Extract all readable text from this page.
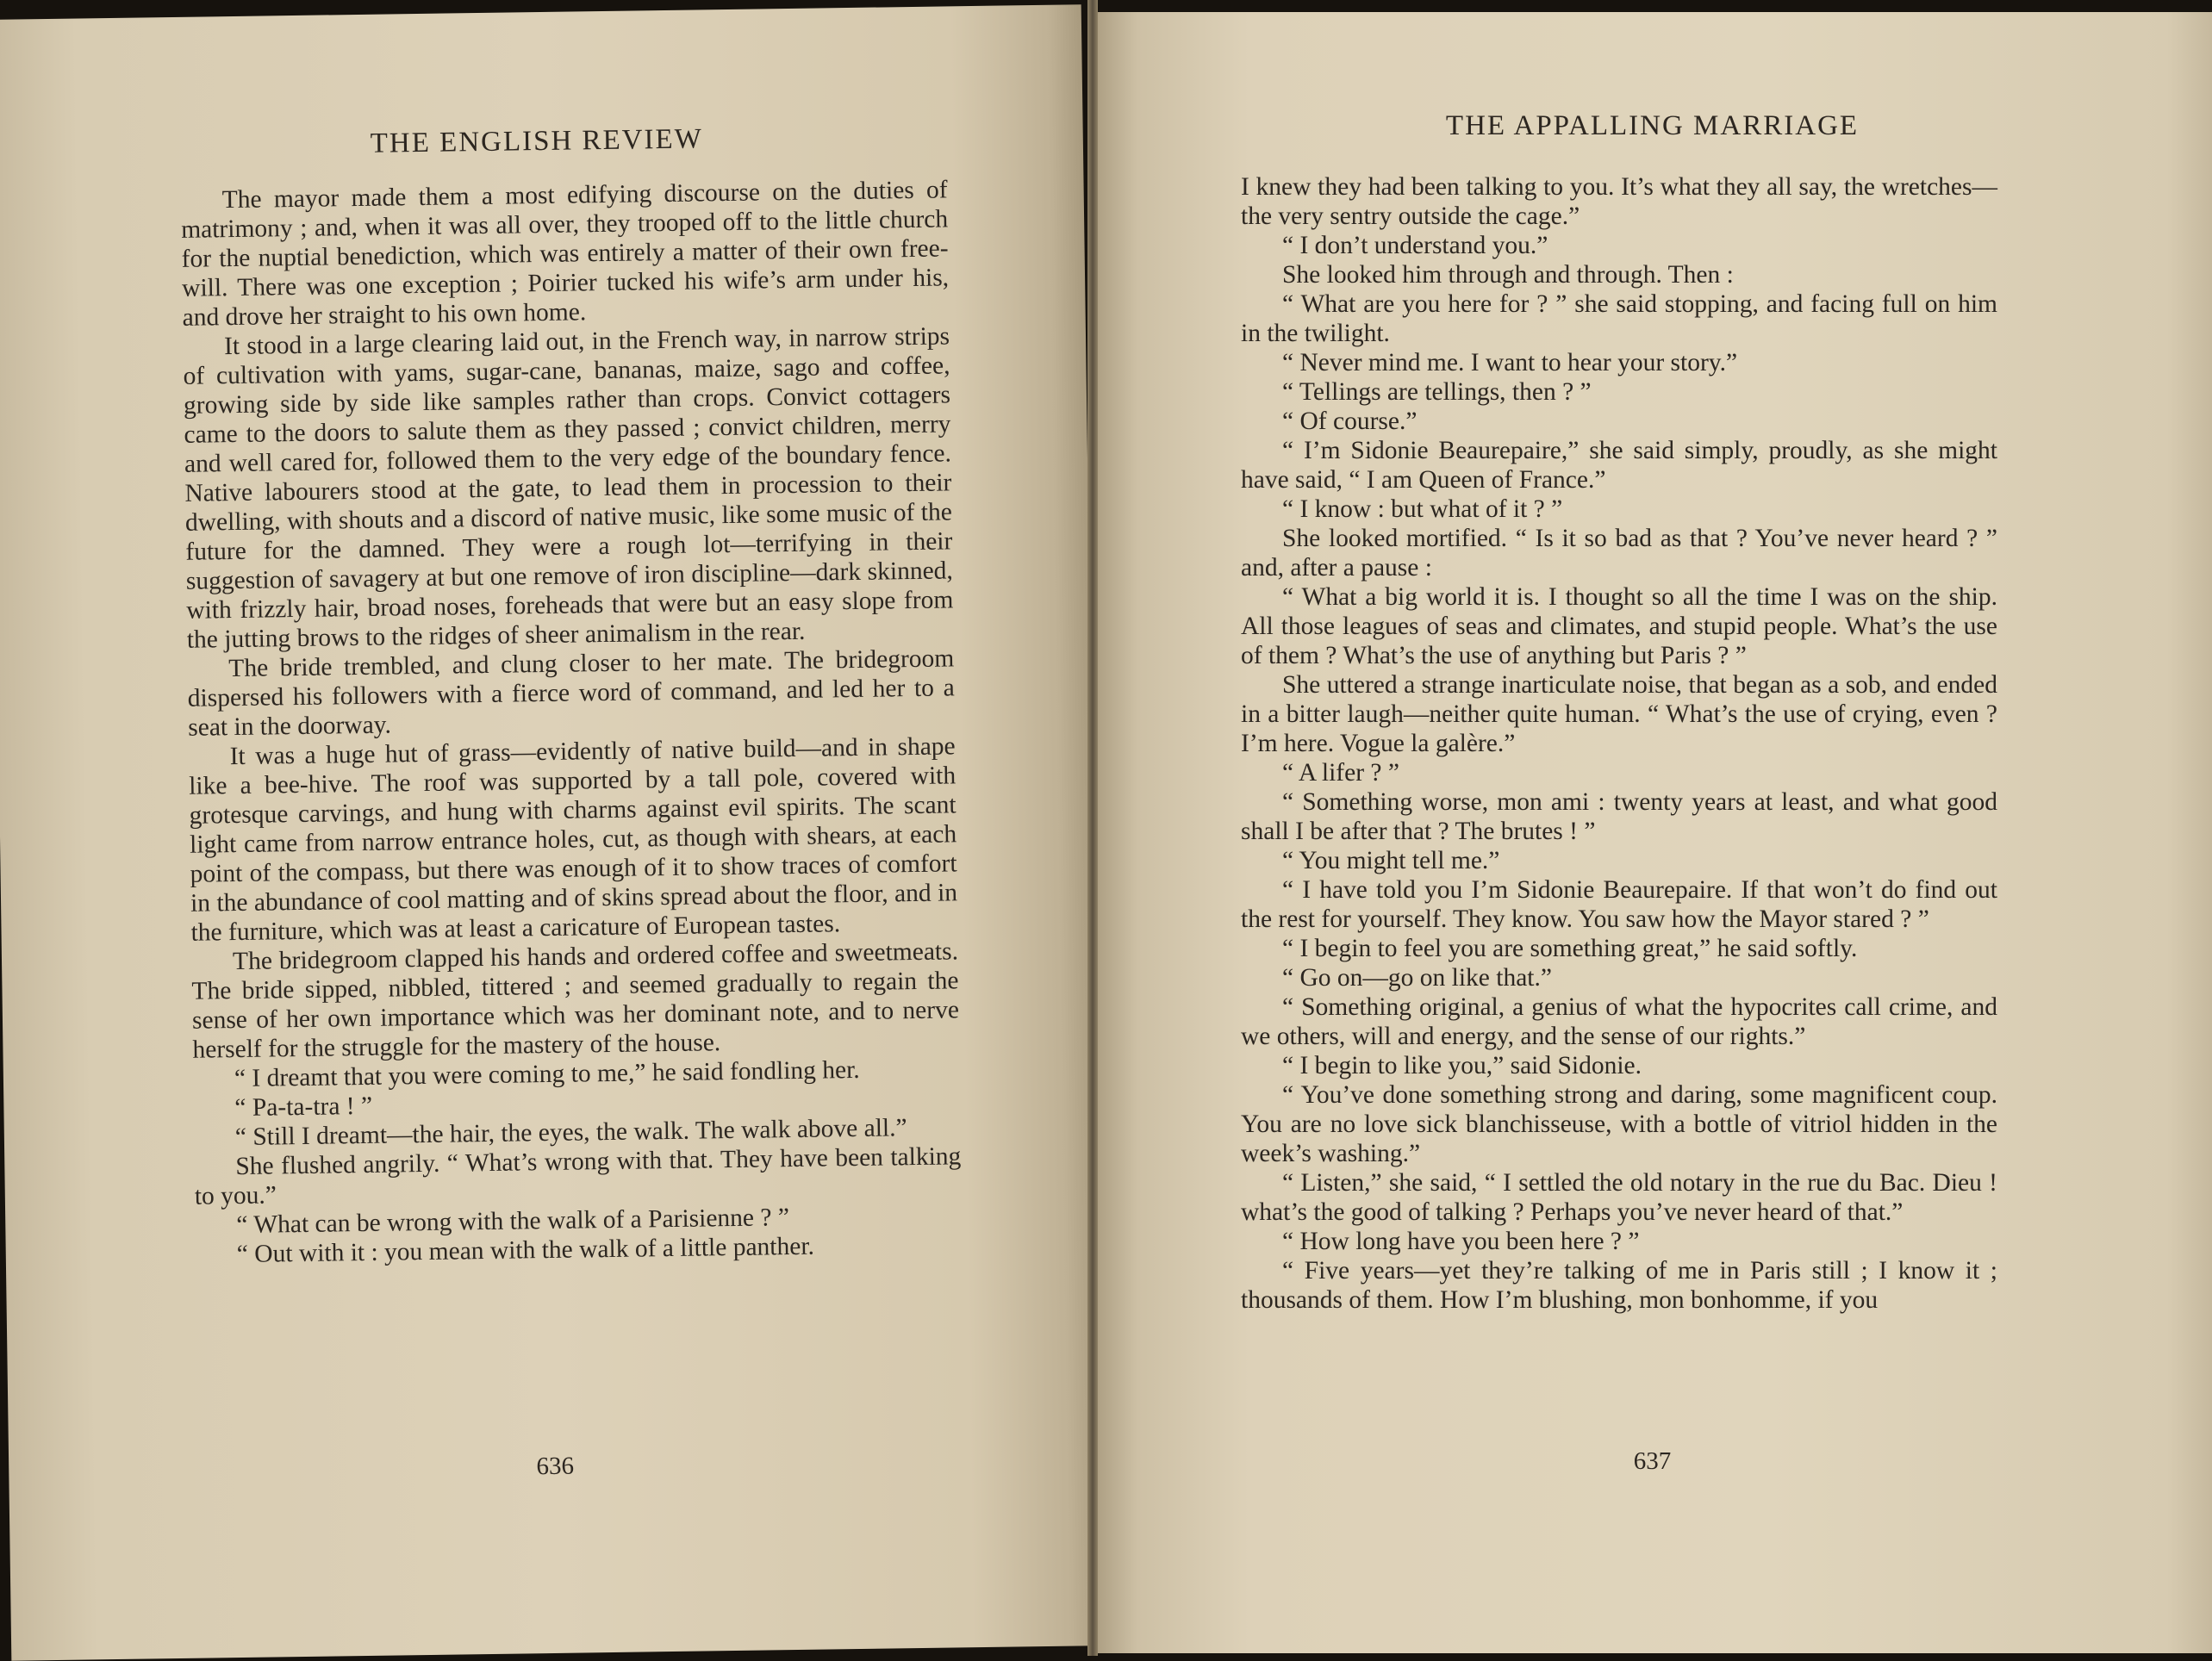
THE ENGLISH REVIEW

The mayor made them a most edifying discourse on the duties of matrimony ; and, when it was all over, they trooped off to the little church for the nuptial benediction, which was entirely a matter of their own free-will. There was one exception ; Poirier tucked his wife’s arm under his, and drove her straight to his own home.

It stood in a large clearing laid out, in the French way, in narrow strips of cultivation with yams, sugar-cane, bananas, maize, sago and coffee, growing side by side like samples rather than crops. Convict cottagers came to the doors to salute them as they passed ; convict children, merry and well cared for, followed them to the very edge of the boundary fence. Native labourers stood at the gate, to lead them in procession to their dwelling, with shouts and a discord of native music, like some music of the future for the damned. They were a rough lot—terrifying in their suggestion of savagery at but one remove of iron discipline—dark skinned, with frizzly hair, broad noses, foreheads that were but an easy slope from the jutting brows to the ridges of sheer animalism in the rear.

The bride trembled, and clung closer to her mate. The bridegroom dispersed his followers with a fierce word of command, and led her to a seat in the doorway.

It was a huge hut of grass—evidently of native build—and in shape like a bee-hive. The roof was supported by a tall pole, covered with grotesque carvings, and hung with charms against evil spirits. The scant light came from narrow entrance holes, cut, as though with shears, at each point of the compass, but there was enough of it to show traces of comfort in the abundance of cool matting and of skins spread about the floor, and in the furniture, which was at least a caricature of European tastes.

The bridegroom clapped his hands and ordered coffee and sweetmeats. The bride sipped, nibbled, tittered ; and seemed gradually to regain the sense of her own importance which was her dominant note, and to nerve herself for the struggle for the mastery of the house.

“ I dreamt that you were coming to me,” he said fondling her.

“ Pa-ta-tra ! ”

“ Still I dreamt—the hair, the eyes, the walk. The walk above all.”

She flushed angrily. “ What’s wrong with that. They have been talking to you.”

“ What can be wrong with the walk of a Parisienne ? ”

“ Out with it : you mean with the walk of a little panther.

636
THE APPALLING MARRIAGE

I knew they had been talking to you. It’s what they all say, the wretches—the very sentry outside the cage.”

“ I don’t understand you.”

She looked him through and through. Then :

“ What are you here for ? ” she said stopping, and facing full on him in the twilight.

“ Never mind me. I want to hear your story.”

“ Tellings are tellings, then ? ”

“ Of course.”

“ I’m Sidonie Beaurepaire,” she said simply, proudly, as she might have said, “ I am Queen of France.”

“ I know : but what of it ? ”

She looked mortified. “ Is it so bad as that ? You’ve never heard ? ” and, after a pause :

“ What a big world it is. I thought so all the time I was on the ship. All those leagues of seas and climates, and stupid people. What’s the use of them ? What’s the use of anything but Paris ? ”

She uttered a strange inarticulate noise, that began as a sob, and ended in a bitter laugh—neither quite human. “ What’s the use of crying, even ? I’m here. Vogue la galère.”

“ A lifer ? ”

“ Something worse, mon ami : twenty years at least, and what good shall I be after that ? The brutes ! ”

“ You might tell me.”

“ I have told you I’m Sidonie Beaurepaire. If that won’t do find out the rest for yourself. They know. You saw how the Mayor stared ? ”

“ I begin to feel you are something great,” he said softly.

“ Go on—go on like that.”

“ Something original, a genius of what the hypocrites call crime, and we others, will and energy, and the sense of our rights.”

“ I begin to like you,” said Sidonie.

“ You’ve done something strong and daring, some magnificent coup. You are no love sick blanchisseuse, with a bottle of vitriol hidden in the week’s washing.”

“ Listen,” she said, “ I settled the old notary in the rue du Bac. Dieu ! what’s the good of talking ? Perhaps you’ve never heard of that.”

“ How long have you been here ? ”

“ Five years—yet they’re talking of me in Paris still ; I know it ; thousands of them. How I’m blushing, mon bonhomme, if you

637
